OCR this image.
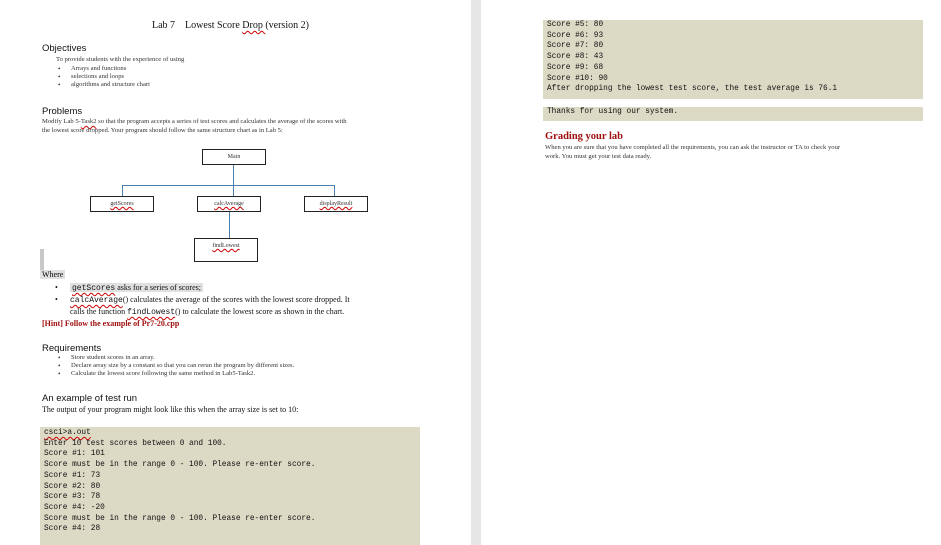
Lab 7 Lowest Score Drop (version 2)
Objectives
To provide students with the experience of using
• Arrays and functions
• selections and loops
• algorithms and structure chart
Problems
Modify Lab 5-Task2 so that the program accepts a series of test scores and calculates the average of the scores with
the lowest score dropped. Your program should follow the same structure chart as in Lab 5:
Main
getScores	calcAverage	displayResult
findLowest
Where
• getScores asks for a series of scores;
• calcAverage() calculates the average of the scores with the lowest score dropped. It
calls the function findLowest() to calculate the lowest score as shown in the chart.
[Hint] Follow the example of Pr7-20.cpp
Requirements
• Store student scores in an array.
• Declare array size by a constant so that you can rerun the program by different sizes.
• Calculate the lowest score following the same method in Lab5-Task2.
An example of test run
The output of your program might look like this when the array size is set to 10:
csci>a.out
Enter 10 test scores between 0 and 100.
Score #1: 101
Score must be in the range 0 - 100. Please re-enter score.
Score #1: 73
Score #2: 80
Score #3: 78
Score #4: -20
Score must be in the range 0 - 100. Please re-enter score.
Score #4: 28
Score #5: 80
Score #6: 93
Score #7: 80
Score #8: 43
Score #9: 68
Score #10: 90
After dropping the lowest test score, the test average is 76.1
Thanks for using our system.
Grading your lab
When you are sure that you have completed all the requirements, you can ask the instructor or TA to check your
work. You must get your test data ready.
